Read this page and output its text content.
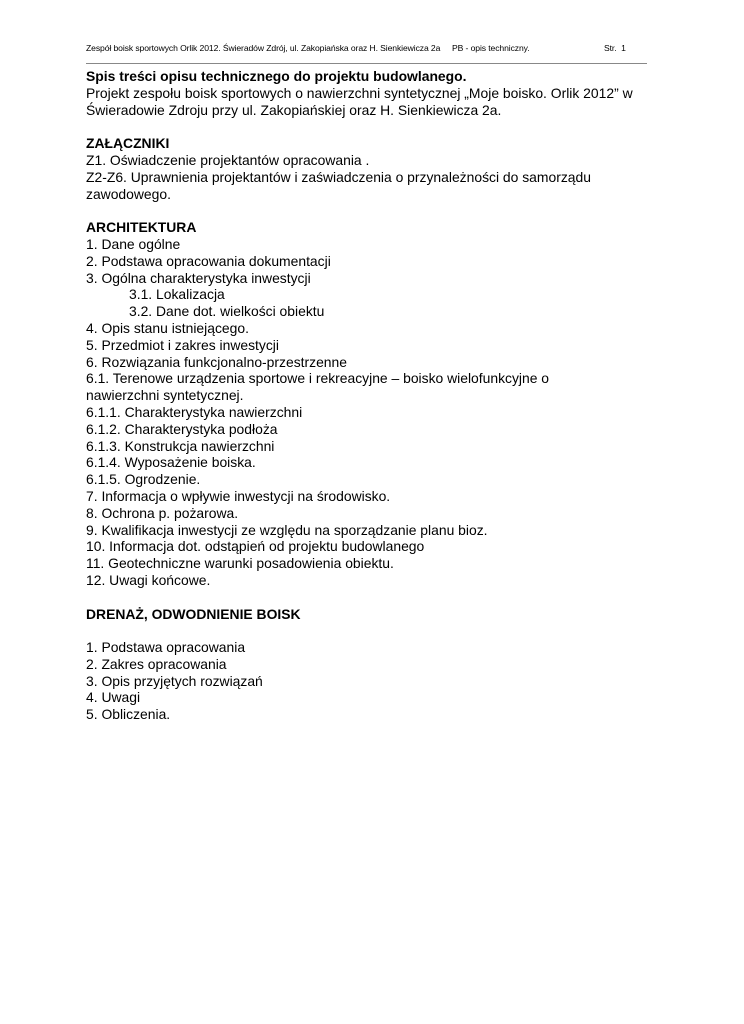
Zespół boisk sportowych Orlik 2012. Świeradów Zdrój, ul. Zakopiańska oraz H. Sienkiewicza 2a PB - opis techniczny.	Str. 1
Spis treści opisu technicznego do projektu budowlanego.
Projekt zespołu boisk sportowych o nawierzchni syntetycznej „Moje boisko. Orlik 2012” w
Świeradowie Zdroju przy ul. Zakopiańskiej oraz H. Sienkiewicza 2a.
ZAŁĄCZNIKI
Z1. Oświadczenie projektantów opracowania .
Z2-Z6. Uprawnienia projektantów i zaświadczenia o przynależności do samorządu
zawodowego.
ARCHITEKTURA
1. Dane ogólne
2. Podstawa opracowania dokumentacji
3. Ogólna charakterystyka inwestycji
3.1. Lokalizacja
3.2. Dane dot. wielkości obiektu
4. Opis stanu istniejącego.
5. Przedmiot i zakres inwestycji
6. Rozwiązania funkcjonalno-przestrzenne
6.1. Terenowe urządzenia sportowe i rekreacyjne – boisko wielofunkcyjne o
nawierzchni syntetycznej.
6.1.1. Charakterystyka nawierzchni
6.1.2. Charakterystyka podłoża
6.1.3. Konstrukcja nawierzchni
6.1.4. Wyposażenie boiska.
6.1.5. Ogrodzenie.
7. Informacja o wpływie inwestycji na środowisko.
8. Ochrona p. pożarowa.
9. Kwalifikacja inwestycji ze względu na sporządzanie planu bioz.
10. Informacja dot. odstąpień od projektu budowlanego
11. Geotechniczne warunki posadowienia obiektu.
12. Uwagi końcowe.
DRENAŻ, ODWODNIENIE BOISK
1. Podstawa opracowania
2. Zakres opracowania
3. Opis przyjętych rozwiązań
4. Uwagi
5. Obliczenia.
